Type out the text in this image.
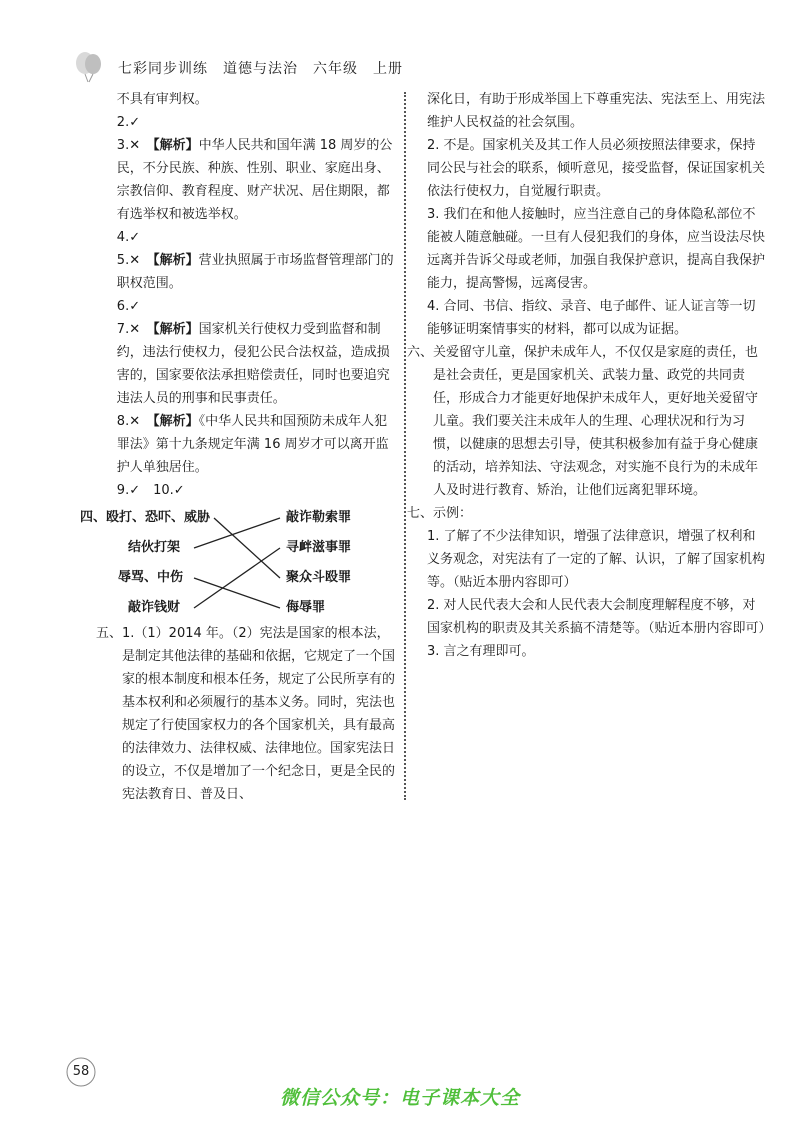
七彩同步训练　道德与法治　六年级　上册

不具有审判权。

2.✓

3.✕　 【解析】中华人民共和国年满 18 周岁的公民，不分民族、种族、性别、职业、家庭出身、宗教信仰、教育程度、财产状况、居住期限，都有选举权和被选举权。

4.✓

5.✕　 【解析】营业执照属于市场监督管理部门的职权范围。

6.✓

7.✕　 【解析】国家机关行使权力受到监督和制约，违法行使权力，侵犯公民合法权益，造成损害的，国家要依法承担赔偿责任，同时也要追究违法人员的刑事和民事责任。

8.✕　 【解析】《中华人民共和国预防未成年人犯罪法》第十九条规定年满 16 周岁才可以离开监护人单独居住。

9.✓　10.✓

四、殴打、恐吓、威胁
结伙打架
辱骂、中伤
敲诈钱财
敲诈勒索罪
寻衅滋事罪
聚众斗殴罪
侮辱罪

五、1.（1）2014 年。（2）宪法是国家的根本法，是制定其他法律的基础和依据，它规定了一个国家的根本制度和根本任务，规定了公民所享有的基本权利和必须履行的基本义务。同时，宪法也规定了行使国家权力的各个国家机关，具有最高的法律效力、法律权威、法律地位。国家宪法日的设立，不仅是增加了一个纪念日，更是全民的宪法教育日、普及日、

深化日，有助于形成举国上下尊重宪法、宪法至上、用宪法维护人民权益的社会氛围。

2. 不是。国家机关及其工作人员必须按照法律要求，保持同公民与社会的联系，倾听意见，接受监督，保证国家机关依法行使权力，自觉履行职责。

3. 我们在和他人接触时，应当注意自己的身体隐私部位不能被人随意触碰。一旦有人侵犯我们的身体，应当设法尽快远离并告诉父母或老师，加强自我保护意识，提高自我保护能力，提高警惕，远离侵害。

4. 合同、书信、指纹、录音、电子邮件、证人证言等一切能够证明案情事实的材料，都可以成为证据。

六、关爱留守儿童，保护未成年人，不仅仅是家庭的责任，也是社会责任，更是国家机关、武装力量、政党的共同责任，形成合力才能更好地保护未成年人，更好地关爱留守儿童。我们要关注未成年人的生理、心理状况和行为习惯，以健康的思想去引导，使其积极参加有益于身心健康的活动，培养知法、守法观念，对实施不良行为的未成年人及时进行教育、矫治，让他们远离犯罪环境。

七、示例：

1. 了解了不少法律知识，增强了法律意识，增强了权利和义务观念，对宪法有了一定的了解、认识，了解了国家机构等。（贴近本册内容即可）

2. 对人民代表大会和人民代表大会制度理解程度不够，对国家机构的职责及其关系搞不清楚等。（贴近本册内容即可）

3. 言之有理即可。

58
微信公众号：电子课本大全
